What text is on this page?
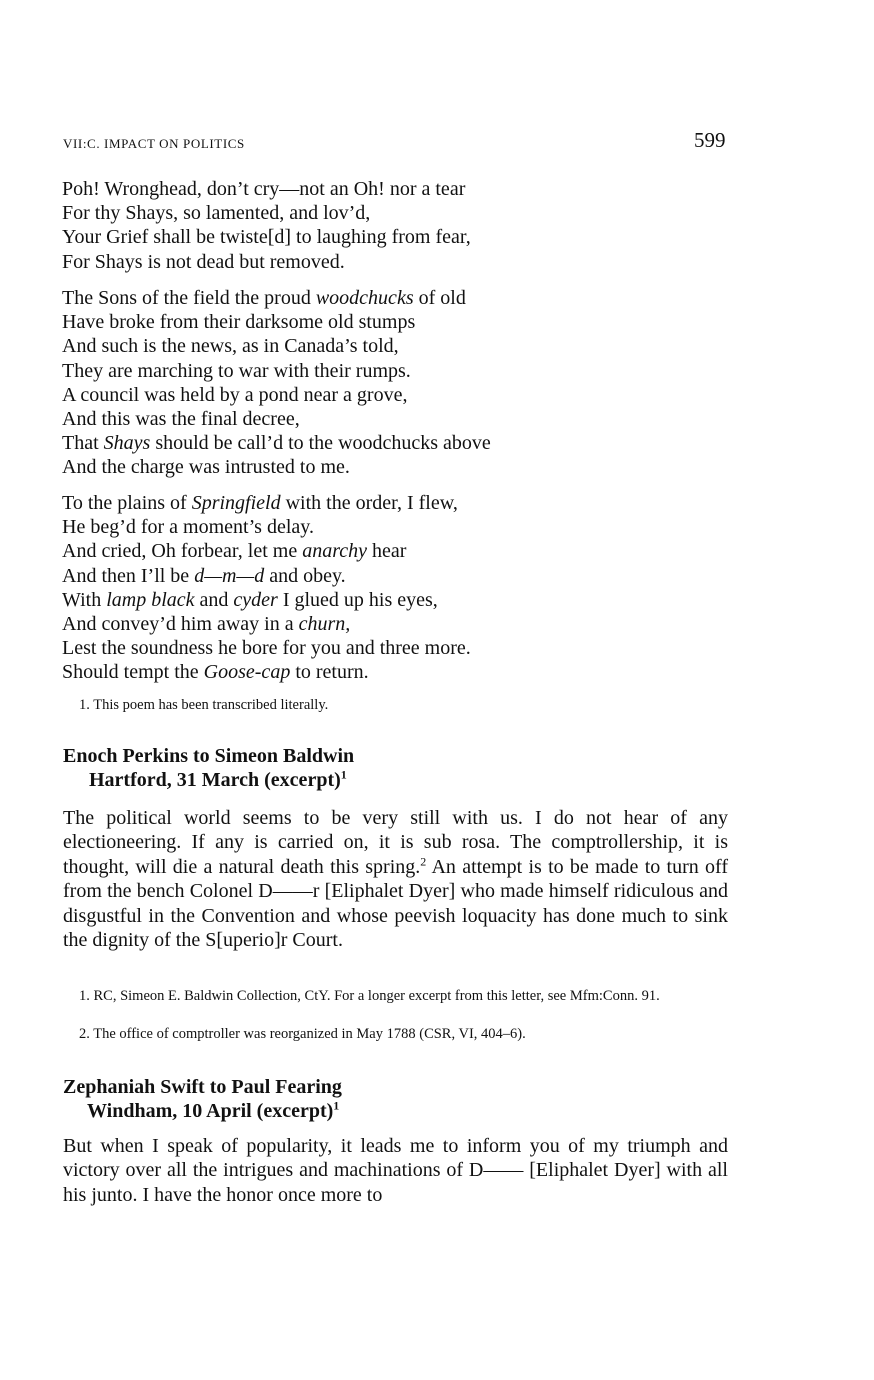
VII:C. IMPACT ON POLITICS	599
Poh! Wronghead, don’t cry—not an Oh! nor a tear
For thy Shays, so lamented, and lov’d,
Your Grief shall be twiste[d] to laughing from fear,
For Shays is not dead but removed.
The Sons of the field the proud woodchucks of old
Have broke from their darksome old stumps
And such is the news, as in Canada’s told,
They are marching to war with their rumps.
A council was held by a pond near a grove,
And this was the final decree,
That Shays should be call’d to the woodchucks above
And the charge was intrusted to me.
To the plains of Springfield with the order, I flew,
He beg’d for a moment’s delay.
And cried, Oh forbear, let me anarchy hear
And then I’ll be d—m—d and obey.
With lamp black and cyder I glued up his eyes,
And convey’d him away in a churn,
Lest the soundness he bore for you and three more.
Should tempt the Goose-cap to return.
1. This poem has been transcribed literally.
Enoch Perkins to Simeon Baldwin
Hartford, 31 March (excerpt)$^1$
The political world seems to be very still with us. I do not hear of any electioneering. If any is carried on, it is sub rosa. The comptrollership, it is thought, will die a natural death this spring.$^2$ An attempt is to be made to turn off from the bench Colonel D——r [Eliphalet Dyer] who made himself ridiculous and disgustful in the Convention and whose peevish loquacity has done much to sink the dignity of the S[uperio]r Court.
1. RC, Simeon E. Baldwin Collection, CtY. For a longer excerpt from this letter, see Mfm:Conn. 91.
2. The office of comptroller was reorganized in May 1788 (CSR, VI, 404–6).
Zephaniah Swift to Paul Fearing
Windham, 10 April (excerpt)$^1$
But when I speak of popularity, it leads me to inform you of my triumph and victory over all the intrigues and machinations of D—— [Eliphalet Dyer] with all his junto. I have the honor once more to
